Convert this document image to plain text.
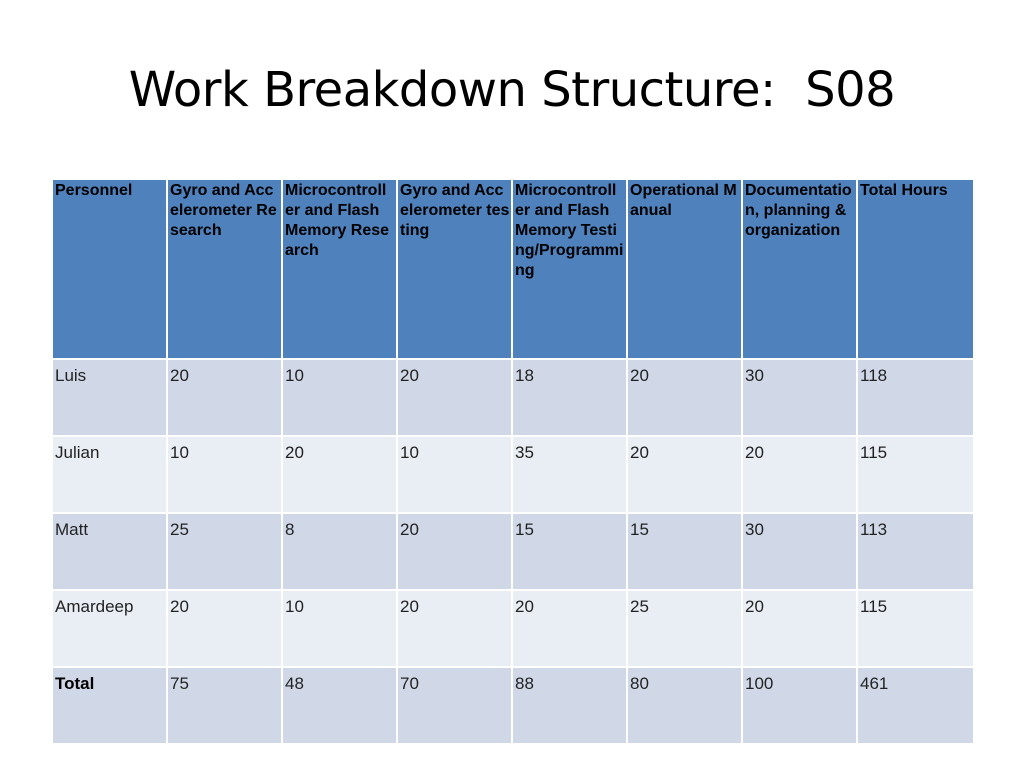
Work Breakdown Structure:  S08
Personnel	Gyro and Accelerometer Research	Microcontroller and Flash Memory Research	Gyro and Accelerometer testing	Microcontroller and Flash Memory Testing/Programming	Operational Manual	Documentation, planning & organization	Total Hours
Luis	20	10	20	18	20	30	118
Julian	10	20	10	35	20	20	115
Matt	25	8	20	15	15	30	113
Amardeep	20	10	20	20	25	20	115
Total	75	48	70	88	80	100	461
